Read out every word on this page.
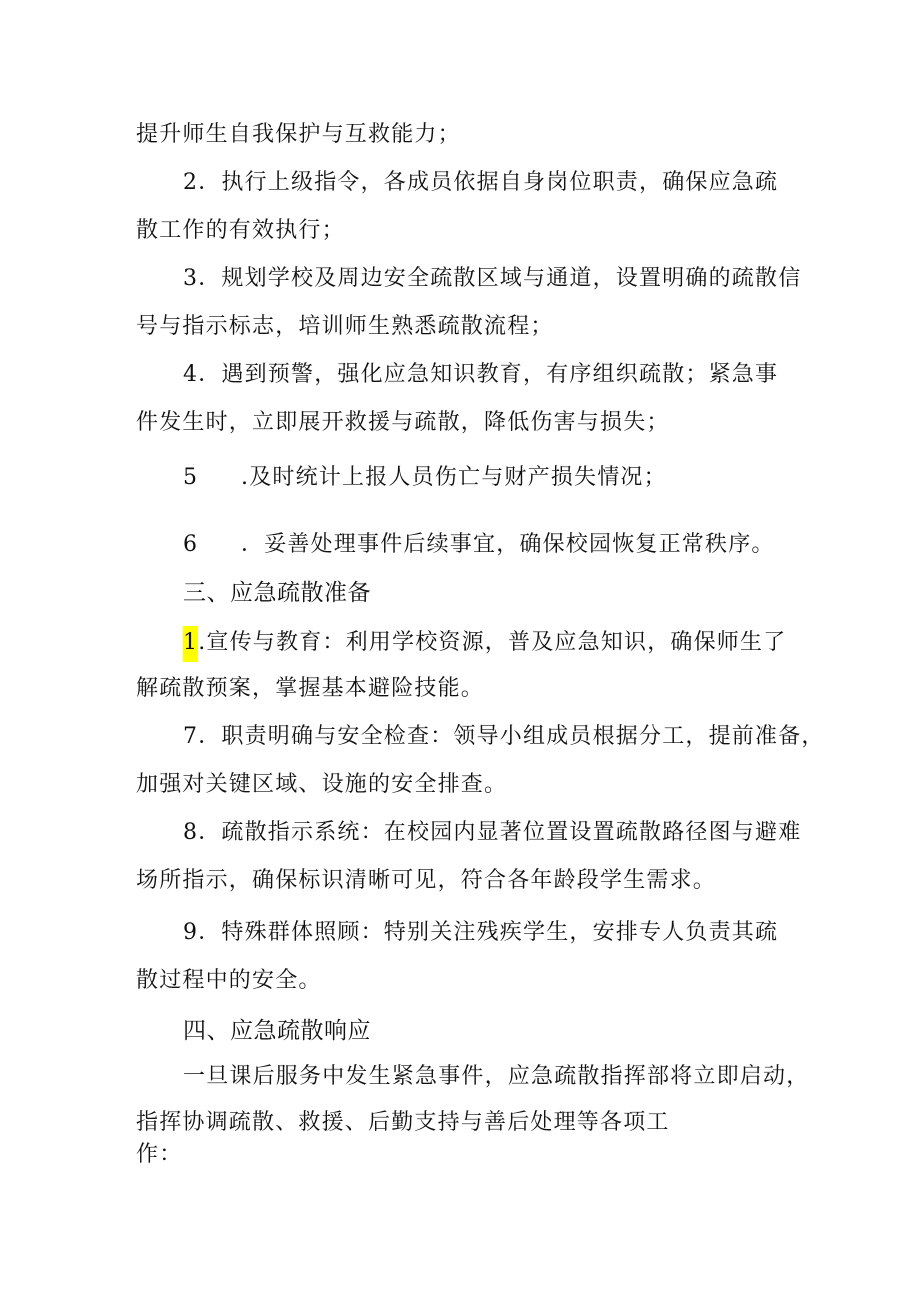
提升师生自我保护与互救能力；
2．执行上级指令，各成员依据自身岗位职责，确保应急疏
散工作的有效执行；
3．规划学校及周边安全疏散区域与通道，设置明确的疏散信
号与指示标志，培训师生熟悉疏散流程；
4．遇到预警，强化应急知识教育，有序组织疏散；紧急事
件发生时，立即展开救援与疏散，降低伤害与损失；
5 .及时统计上报人员伤亡与财产损失情况；
6 ．妥善处理事件后续事宜，确保校园恢复正常秩序。
三、应急疏散准备
1.宣传与教育：利用学校资源，普及应急知识，确保师生了
解疏散预案，掌握基本避险技能。
7．职责明确与安全检查：领导小组成员根据分工，提前准备，
加强对关键区域、设施的安全排查。
8．疏散指示系统：在校园内显著位置设置疏散路径图与避难
场所指示，确保标识清晰可见，符合各年龄段学生需求。
9．特殊群体照顾：特别关注残疾学生，安排专人负责其疏
散过程中的安全。
四、应急疏散响应
一旦课后服务中发生紧急事件，应急疏散指挥部将立即启动，
指挥协调疏散、救援、后勤支持与善后处理等各项工
作：
